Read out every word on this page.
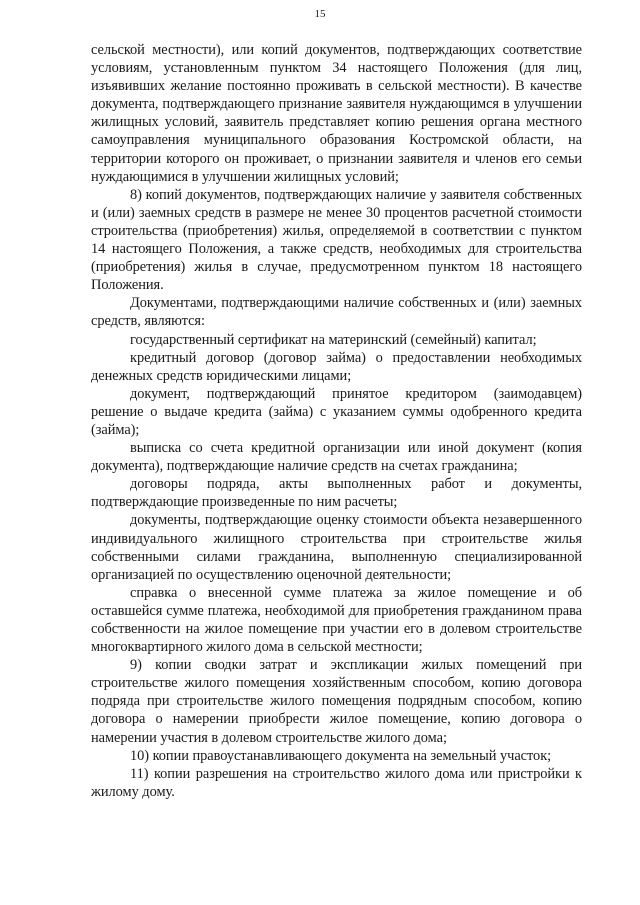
15

сельской местности), или копий документов, подтверждающих соответствие условиям, установленным пунктом 34 настоящего Положения (для лиц, изъявивших желание постоянно проживать в сельской местности). В качестве документа, подтверждающего признание заявителя нуждающимся в улучшении жилищных условий, заявитель представляет копию решения органа местного самоуправления муниципального образования Костромской области, на территории которого он проживает, о признании заявителя и членов его семьи нуждающимися в улучшении жилищных условий;

8) копий документов, подтверждающих наличие у заявителя собственных и (или) заемных средств в размере не менее 30 процентов расчетной стоимости строительства (приобретения) жилья, определяемой в соответствии с пунктом 14 настоящего Положения, а также средств, необходимых для строительства (приобретения) жилья в случае, предусмотренном пунктом 18 настоящего Положения.

Документами, подтверждающими наличие собственных и (или) заемных средств, являются:

государственный сертификат на материнский (семейный) капитал;

кредитный договор (договор займа) о предоставлении необходимых денежных средств юридическими лицами;

документ, подтверждающий принятое кредитором (заимодавцем) решение о выдаче кредита (займа) с указанием суммы одобренного кредита (займа);

выписка со счета кредитной организации или иной документ (копия документа), подтверждающие наличие средств на счетах гражданина;

договоры подряда, акты выполненных работ и документы, подтверждающие произведенные по ним расчеты;

документы, подтверждающие оценку стоимости объекта незавершенного индивидуального жилищного строительства при строительстве жилья собственными силами гражданина, выполненную специализированной организацией по осуществлению оценочной деятельности;

справка о внесенной сумме платежа за жилое помещение и об оставшейся сумме платежа, необходимой для приобретения гражданином права собственности на жилое помещение при участии его в долевом строительстве многоквартирного жилого дома в сельской местности;

9) копии сводки затрат и экспликации жилых помещений при строительстве жилого помещения хозяйственным способом, копию договора подряда при строительстве жилого помещения подрядным способом, копию договора о намерении приобрести жилое помещение, копию договора о намерении участия в долевом строительстве жилого дома;

10) копии правоустанавливающего документа на земельный участок;

11) копии разрешения на строительство жилого дома или пристройки к жилому дому.
